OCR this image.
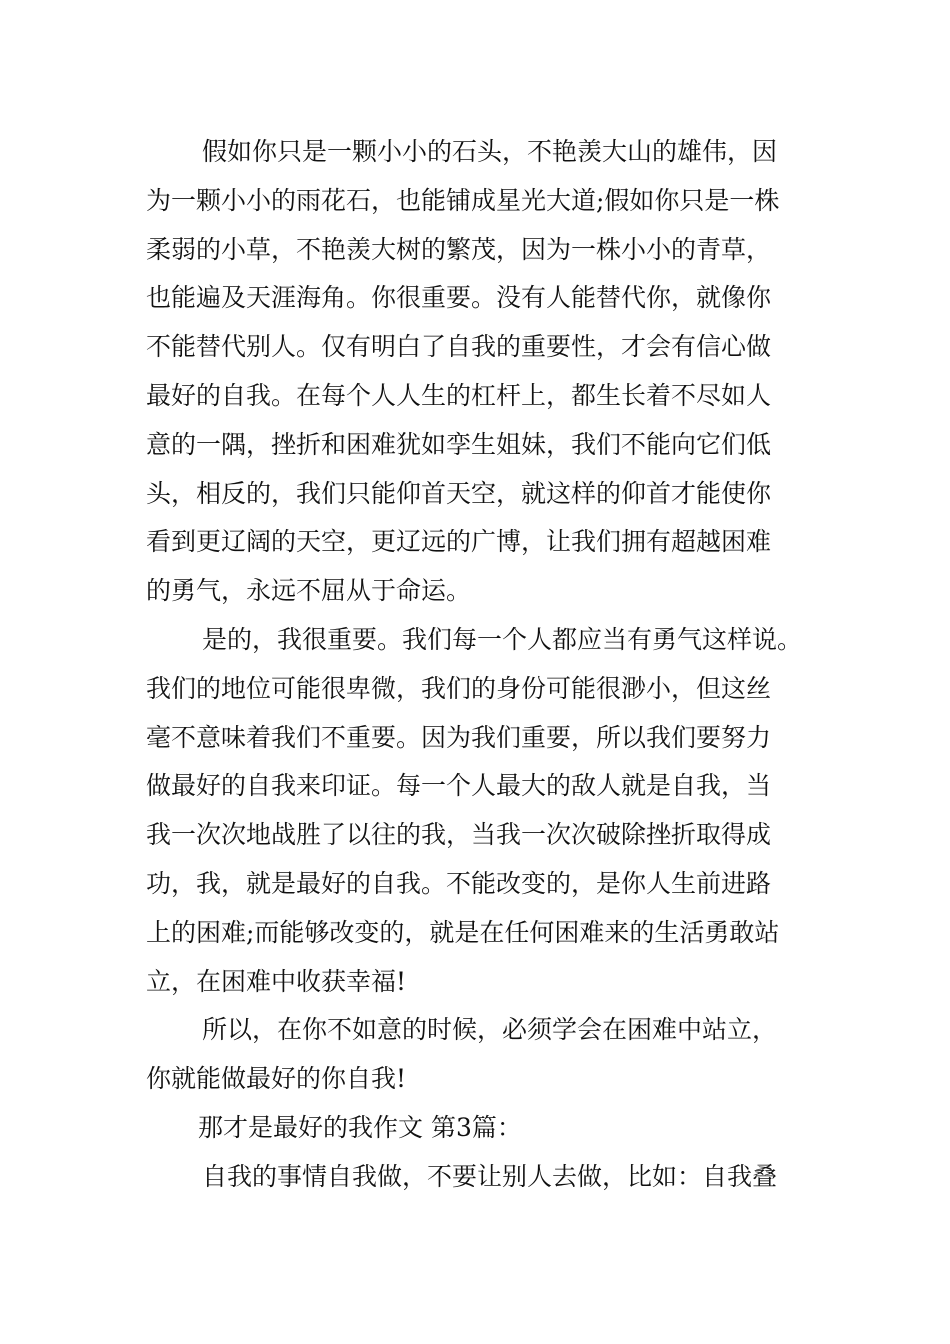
假如你只是一颗小小的石头，不艳羡大山的雄伟，因
为一颗小小的雨花石，也能铺成星光大道;假如你只是一株
柔弱的小草，不艳羡大树的繁茂，因为一株小小的青草，
也能遍及天涯海角。你很重要。没有人能替代你，就像你
不能替代别人。仅有明白了自我的重要性，才会有信心做
最好的自我。在每个人人生的杠杆上，都生长着不尽如人
意的一隅，挫折和困难犹如孪生姐妹，我们不能向它们低
头，相反的，我们只能仰首天空，就这样的仰首才能使你
看到更辽阔的天空，更辽远的广博，让我们拥有超越困难
的勇气，永远不屈从于命运。
是的，我很重要。我们每一个人都应当有勇气这样说。
我们的地位可能很卑微，我们的身份可能很渺小，但这丝
毫不意味着我们不重要。因为我们重要，所以我们要努力
做最好的自我来印证。每一个人最大的敌人就是自我，当
我一次次地战胜了以往的我，当我一次次破除挫折取得成
功，我，就是最好的自我。不能改变的，是你人生前进路
上的困难;而能够改变的，就是在任何困难来的生活勇敢站
立，在困难中收获幸福!
所以，在你不如意的时候，必须学会在困难中站立，
你就能做最好的你自我!
那才是最好的我作文 第3篇：
自我的事情自我做，不要让别人去做，比如：自我叠
